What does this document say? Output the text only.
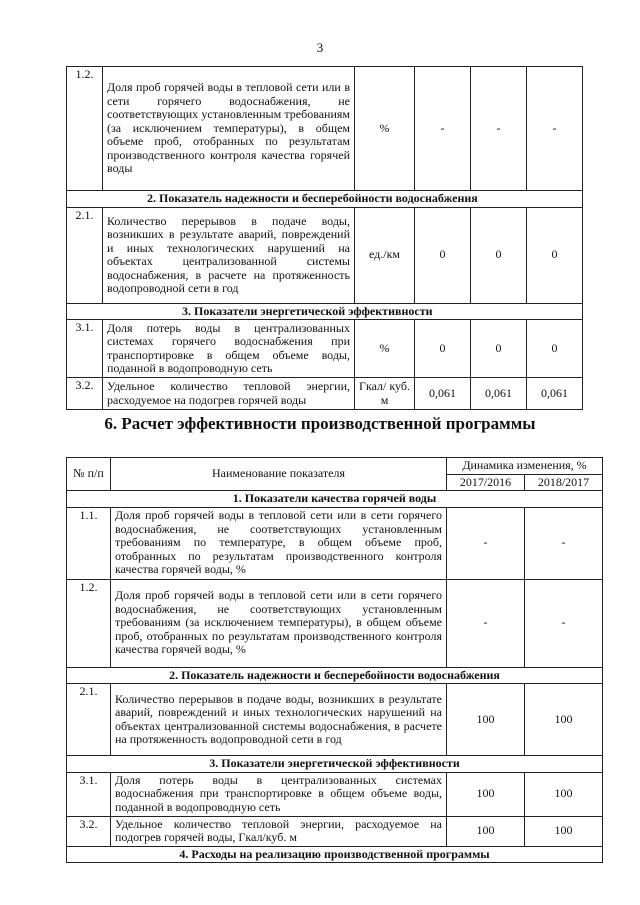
3
1.2.	Доля проб горячей воды в тепловой сети или в сети горячего водоснабжения, не соответствующих установленным требованиям (за исключением температуры), в общем объеме проб, отобранных по результатам производственного контроля качества горячей воды	%	-	-	-
2. Показатель надежности и бесперебойности водоснабжения					
2.1.	Количество перерывов в подаче воды, возникших в результате аварий, повреждений и иных технологических нарушений на объектах централизованной системы водоснабжения, в расчете на протяженность водопроводной сети в год	ед./км	0	0	0
3. Показатели энергетической эффективности					
3.1.	Доля потерь воды в централизованных системах горячего водоснабжения при транспортировке в общем объеме воды, поданной в водопроводную сеть	%	0	0	0
3.2.	Удельное количество тепловой энергии, расходуемое на подогрев горячей воды	Гкал/ куб. м	0,061	0,061	0,061
6. Расчет эффективности производственной программы
№ п/п	Наименование показателя	Динамика изменения, %	
		2017/2016	2018/2017
1. Показатели качества горячей воды			
1.1.	Доля проб горячей воды в тепловой сети или в сети горячего водоснабжения, не соответствующих установленным требованиям по температуре, в общем объеме проб, отобранных по результатам производственного контроля качества горячей воды, %	-	-
1.2.	Доля проб горячей воды в тепловой сети или в сети горячего водоснабжения, не соответствующих установленным требованиям (за исключением температуры), в общем объеме проб, отобранных по результатам производственного контроля качества горячей воды, %	-	-
2. Показатель надежности и бесперебойности водоснабжения			
2.1.	Количество перерывов в подаче воды, возникших в результате аварий, повреждений и иных технологических нарушений на объектах централизованной системы водоснабжения, в расчете на протяженность водопроводной сети в год	100	100
3. Показатели энергетической эффективности			
3.1.	Доля потерь воды в централизованных системах водоснабжения при транспортировке в общем объеме воды, поданной в водопроводную сеть	100	100
3.2.	Удельное количество тепловой энергии, расходуемое на подогрев горячей воды, Гкал/куб. м	100	100
4. Расходы на реализацию производственной программы			
